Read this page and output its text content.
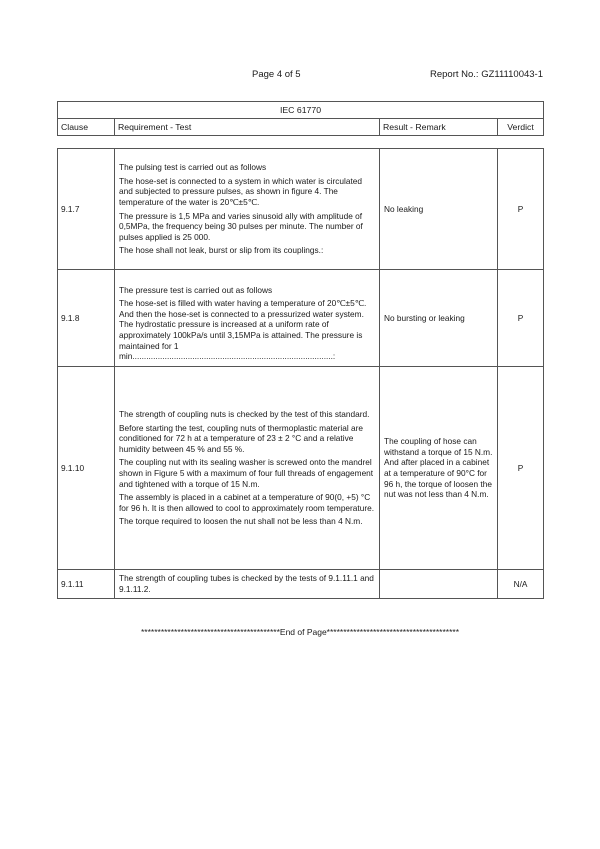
Page 4 of 5	Report No.: GZ11110043-1
IEC 61770
Clause	Requirement - Test	Result - Remark	Verdict
9.1.7	The pulsing test is carried out as follows

The hose-set is connected to a system in which water is circulated and subjected to pressure pulses, as shown in figure 4. The temperature of the water is 20℃±5℃.

The pressure is 1,5 MPa and varies sinusoid ally with amplitude of 0,5MPa, the frequency being 30 pulses per minute. The number of pulses applied is 25 000.

The hose shall not leak, burst or slip from its couplings.:	No leaking	P
9.1.8	The pressure test is carried out as follows

The hose-set is filled with water having a temperature of 20℃±5℃. And then the hose-set is connected to a pressurized water system. The hydrostatic pressure is increased at a uniform rate of approximately 100kPa/s until 3,15MPa is attained. The pressure is maintained for 1 min.......................................................................................:	No bursting or leaking	P
9.1.10	The strength of coupling nuts is checked by the test of this standard.

Before starting the test, coupling nuts of thermoplastic material are conditioned for 72 h at a temperature of 23 ± 2 °C and a relative humidity between 45 % and 55 %.

The coupling nut with its sealing washer is screwed onto the mandrel shown in Figure 5 with a maximum of four full threads of engagement and tightened with a torque of 15 N.m.

The assembly is placed in a cabinet at a temperature of 90(0, +5) °C for 96 h. It is then allowed to cool to approximately room temperature.

The torque required to loosen the nut shall not be less than 4 N.m.	The coupling of hose can withstand a torque of 15 N.m. And after placed in a cabinet at a temperature of 90°C for 96 h, the torque of loosen the nut was not less than 4 N.m.	P
9.1.11	The strength of coupling tubes is checked by the tests of 9.1.11.1 and 9.1.11.2.		N/A
******************************************End of Page****************************************
